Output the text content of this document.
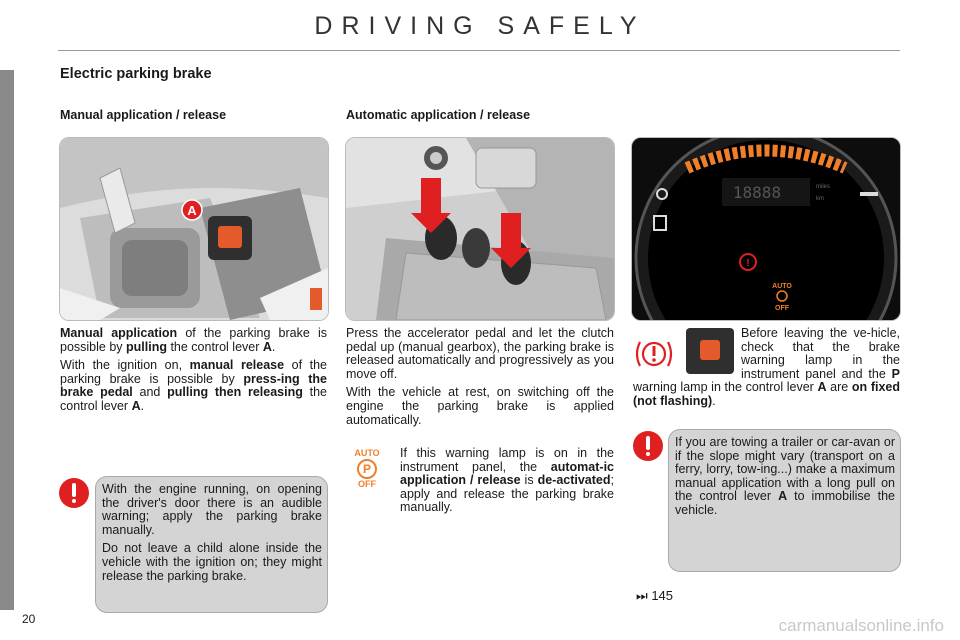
DRIVING SAFELY
Electric parking brake
Manual application / release	Automatic application / release
A
18888	miles
km
!
AUTO
OFF

Manual application of the parking brake is possible by pulling the control lever A.

With the ignition on, manual release of the parking brake is possible by press-ing the brake pedal and pulling then releasing the control lever A.

Press the accelerator pedal and let the clutch pedal up (manual gearbox), the parking brake is released automatically and progressively as you move off.

With the vehicle at rest, on switching off the engine the parking brake is applied automatically.

AUTO
P
OFF

If this warning lamp is on in the instrument panel, the automat-ic application / release is de-activated; apply and release the parking brake manually.

Before leaving the ve-hicle, check that the brake warning lamp in the instrument panel and the P warning lamp in the control lever A are on fixed (not flashing).

With the engine running, on opening the driver's door there is an audible warning; apply the parking brake manually.

Do not leave a child alone inside the vehicle with the ignition on; they might release the parking brake.

If you are towing a trailer or car-avan or if the slope might vary (transport on a ferry, lorry, tow-ing...) make a maximum manual application with a long pull on the control lever A to immobilise the vehicle.

⏭ 145
20	carmanualsonline.info
